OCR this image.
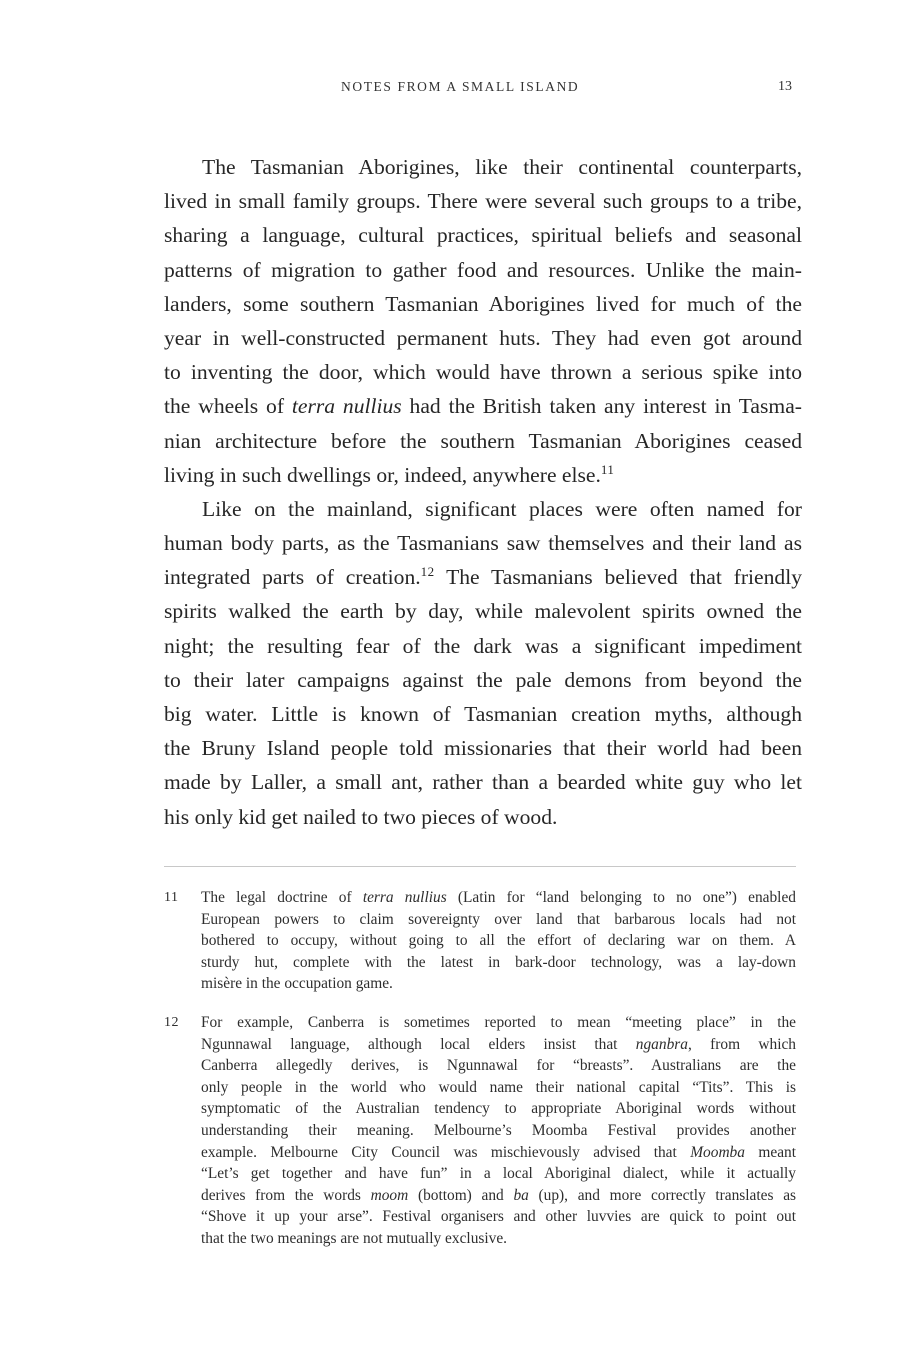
NOTES FROM A SMALL ISLAND	13
The Tasmanian Aborigines, like their continental counterparts,
lived in small family groups. There were several such groups to a tribe,
sharing a language, cultural practices, spiritual beliefs and seasonal
patterns of migration to gather food and resources. Unlike the main-
landers, some southern Tasmanian Aborigines lived for much of the
year in well-constructed permanent huts. They had even got around
to inventing the door, which would have thrown a serious spike into
the wheels of terra nullius had the British taken any interest in Tasma-
nian architecture before the southern Tasmanian Aborigines ceased
living in such dwellings or, indeed, anywhere else.$^{11}$
Like on the mainland, significant places were often named for
human body parts, as the Tasmanians saw themselves and their land as
integrated parts of creation.$^{12}$ The Tasmanians believed that friendly
spirits walked the earth by day, while malevolent spirits owned the
night; the resulting fear of the dark was a significant impediment
to their later campaigns against the pale demons from beyond the
big water. Little is known of Tasmanian creation myths, although
the Bruny Island people told missionaries that their world had been
made by Laller, a small ant, rather than a bearded white guy who let
his only kid get nailed to two pieces of wood.
11 The legal doctrine of terra nullius (Latin for “land belonging to no one”) enabled
European powers to claim sovereignty over land that barbarous locals had not
bothered to occupy, without going to all the effort of declaring war on them. A
sturdy hut, complete with the latest in bark-door technology, was a lay-down
misère in the occupation game.
12 For example, Canberra is sometimes reported to mean “meeting place” in the
Ngunnawal language, although local elders insist that nganbra, from which
Canberra allegedly derives, is Ngunnawal for “breasts”. Australians are the
only people in the world who would name their national capital “Tits”. This is
symptomatic of the Australian tendency to appropriate Aboriginal words without
understanding their meaning. Melbourne’s Moomba Festival provides another
example. Melbourne City Council was mischievously advised that Moomba meant
“Let’s get together and have fun” in a local Aboriginal dialect, while it actually
derives from the words moom (bottom) and ba (up), and more correctly translates as
“Shove it up your arse”. Festival organisers and other luvvies are quick to point out
that the two meanings are not mutually exclusive.
